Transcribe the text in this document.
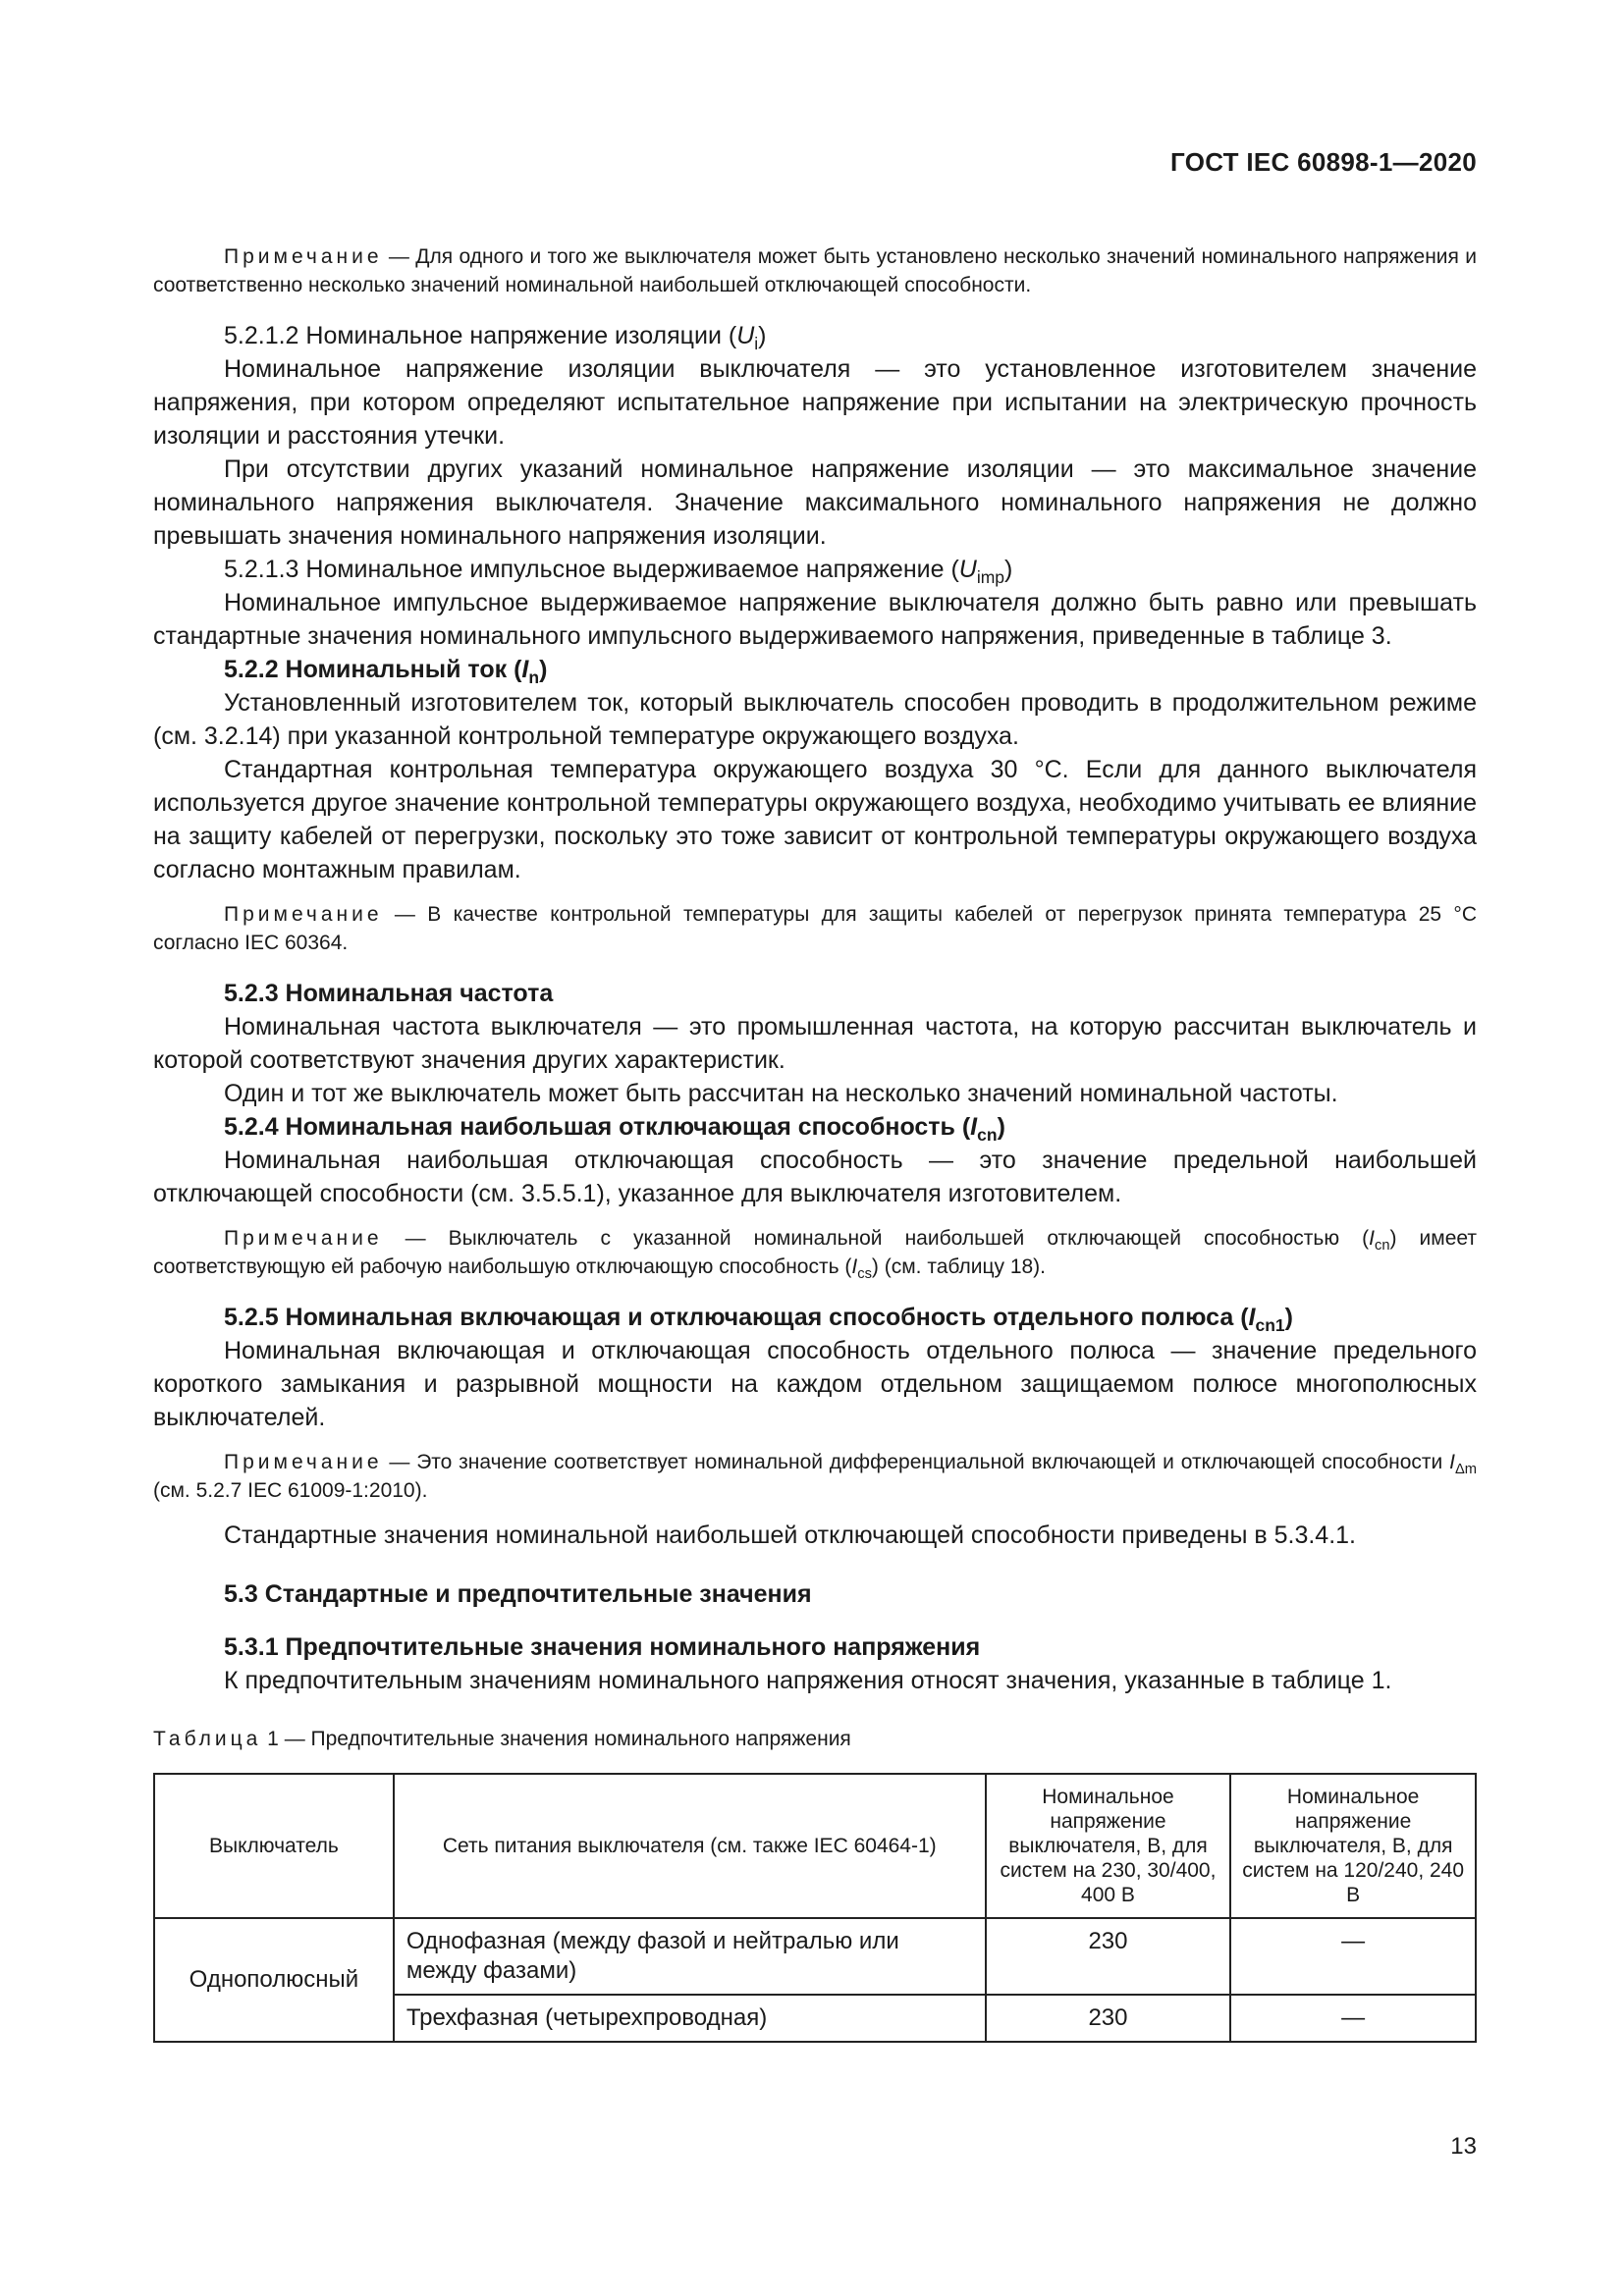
ГОСТ IEC 60898-1—2020

Примечание — Для одного и того же выключателя может быть установлено несколько значений номинального напряжения и соответственно несколько значений номинальной наибольшей отключающей способности.

5.2.1.2 Номинальное напряжение изоляции $(U_i)$

Номинальное напряжение изоляции выключателя — это установленное изготовителем значение напряжения, при котором определяют испытательное напряжение при испытании на электрическую прочность изоляции и расстояния утечки.

При отсутствии других указаний номинальное напряжение изоляции — это максимальное значение номинального напряжения выключателя. Значение максимального номинального напряжения не должно превышать значения номинального напряжения изоляции.

5.2.1.3 Номинальное импульсное выдерживаемое напряжение $(U_{imp})$

Номинальное импульсное выдерживаемое напряжение выключателя должно быть равно или превышать стандартные значения номинального импульсного выдерживаемого напряжения, приведенные в таблице 3.

5.2.2 Номинальный ток $(I_n)$

Установленный изготовителем ток, который выключатель способен проводить в продолжительном режиме (см. 3.2.14) при указанной контрольной температуре окружающего воздуха.

Стандартная контрольная температура окружающего воздуха 30 °С. Если для данного выключателя используется другое значение контрольной температуры окружающего воздуха, необходимо учитывать ее влияние на защиту кабелей от перегрузки, поскольку это тоже зависит от контрольной температуры окружающего воздуха согласно монтажным правилам.

Примечание — В качестве контрольной температуры для защиты кабелей от перегрузок принята температура 25 °С согласно IEC 60364.

5.2.3 Номинальная частота

Номинальная частота выключателя — это промышленная частота, на которую рассчитан выключатель и которой соответствуют значения других характеристик.

Один и тот же выключатель может быть рассчитан на несколько значений номинальной частоты.

5.2.4 Номинальная наибольшая отключающая способность $(I_{cn})$

Номинальная наибольшая отключающая способность — это значение предельной наибольшей отключающей способности (см. 3.5.5.1), указанное для выключателя изготовителем.

Примечание — Выключатель с указанной номинальной наибольшей отключающей способностью $(I_{cn})$ имеет соответствующую ей рабочую наибольшую отключающую способность $(I_{cs})$ (см. таблицу 18).

5.2.5 Номинальная включающая и отключающая способность отдельного полюса $(I_{cn1})$

Номинальная включающая и отключающая способность отдельного полюса — значение предельного короткого замыкания и разрывной мощности на каждом отдельном защищаемом полюсе многополюсных выключателей.

Примечание — Это значение соответствует номинальной дифференциальной включающей и отключающей способности $I_{\Delta m}$ (см. 5.2.7 IEC 61009-1:2010).

Стандартные значения номинальной наибольшей отключающей способности приведены в 5.3.4.1.

5.3 Стандартные и предпочтительные значения

5.3.1 Предпочтительные значения номинального напряжения

К предпочтительным значениям номинального напряжения относят значения, указанные в таблице 1.

Таблица 1 — Предпочтительные значения номинального напряжения

Выключатель	Сеть питания выключателя (см. также IEC 60464-1)	Номинальное напряжение выключателя, В, для систем на 230, 30/400, 400 В	Номинальное напряжение выключателя, В, для систем на 120/240, 240 В
Однополюсный	Однофазная (между фазой и нейтралью или между фазами)	230	—
	Трехфазная (четырехпроводная)	230	—
13
